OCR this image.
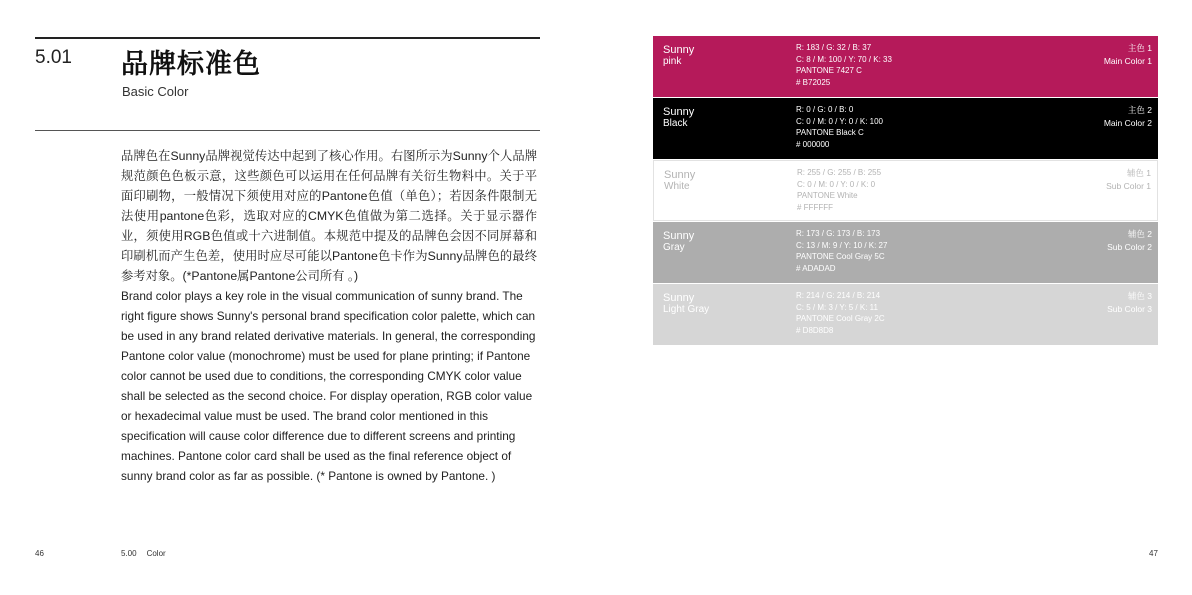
5.01 品牌标准色
Basic Color
品牌色在Sunny品牌视觉传达中起到了核心作用。右图所示为Sunny个人品牌规范颜色色板示意，这些颜色可以运用在任何品牌有关衍生物料中。关于平面印刷物，一般情况下须使用对应的Pantone色值（单色）；若因条件限制无法使用pantone色彩，选取对应的CMYK色值做为第二选择。关于显示器作业，须使用RGB色值或十六进制值。本规范中提及的品牌色会因不同屏幕和印刷机而产生色差，使用时应尽可能以Pantone色卡作为Sunny品牌色的最终参考对象。(*Pantone属Pantone公司所有 。)
Brand color plays a key role in the visual communication of sunny brand. The right figure shows Sunny's personal brand specification color palette, which can be used in any brand related derivative materials. In general, the corresponding Pantone color value (monochrome) must be used for plane printing; if Pantone color cannot be used due to conditions, the corresponding CMYK color value shall be selected as the second choice. For display operation, RGB color value or hexadecimal value must be used. The brand color mentioned in this specification will cause color difference due to different screens and printing machines. Pantone color card shall be used as the final reference object of sunny brand color as far as possible. (* Pantone is owned by Pantone. )
Sunny
pink
R: 183 / G: 32 / B: 37
C: 8 / M: 100 / Y: 70 / K: 33
PANTONE 7427 C
# B72025
主色 1
Main Color 1
Sunny
Black
R: 0 / G: 0 / B: 0
C: 0 / M: 0 / Y: 0 / K: 100
PANTONE Black C
# 000000
主色 2
Main Color 2
Sunny
White
R: 255 / G: 255 / B: 255
C: 0 / M: 0 / Y: 0 / K: 0
PANTONE White
# FFFFFF
辅色 1
Sub Color 1
Sunny
Gray
R: 173 / G: 173 / B: 173
C: 13 / M: 9 / Y: 10 / K: 27
PANTONE Cool Gray 5C
# ADADAD
辅色 2
Sub Color 2
Sunny
Light Gray
R: 214 / G: 214 / B: 214
C: 5 / M: 3 / Y: 5 / K: 11
PANTONE Cool Gray 2C
# D8D8D8
辅色 3
Sub Color 3
46	5.00 Color	47
